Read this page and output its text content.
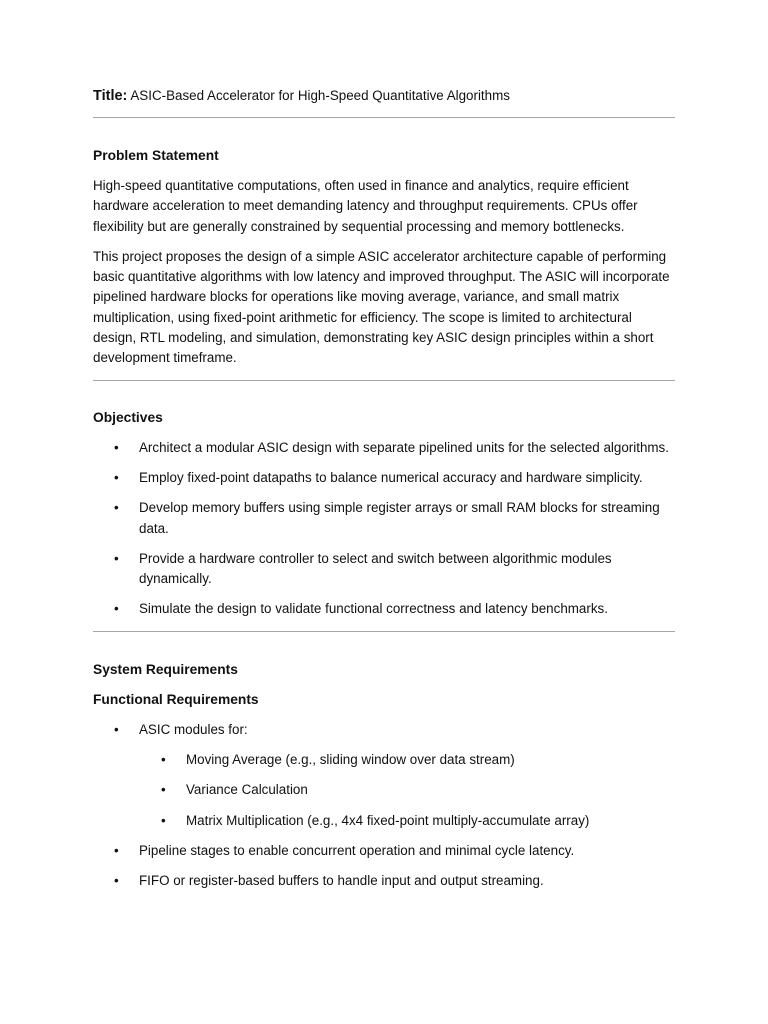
Title: ASIC-Based Accelerator for High-Speed Quantitative Algorithms

Problem Statement

High-speed quantitative computations, often used in finance and analytics, require efficient hardware acceleration to meet demanding latency and throughput requirements. CPUs offer flexibility but are generally constrained by sequential processing and memory bottlenecks.

This project proposes the design of a simple ASIC accelerator architecture capable of performing basic quantitative algorithms with low latency and improved throughput. The ASIC will incorporate pipelined hardware blocks for operations like moving average, variance, and small matrix multiplication, using fixed-point arithmetic for efficiency. The scope is limited to architectural design, RTL modeling, and simulation, demonstrating key ASIC design principles within a short development timeframe.

Objectives
• Architect a modular ASIC design with separate pipelined units for the selected algorithms.
• Employ fixed-point datapaths to balance numerical accuracy and hardware simplicity.
• Develop memory buffers using simple register arrays or small RAM blocks for streaming data.
• Provide a hardware controller to select and switch between algorithmic modules dynamically.
• Simulate the design to validate functional correctness and latency benchmarks.
System Requirements
Functional Requirements
• ASIC modules for:
• Moving Average (e.g., sliding window over data stream)
• Variance Calculation
• Matrix Multiplication (e.g., 4x4 fixed-point multiply-accumulate array)
• Pipeline stages to enable concurrent operation and minimal cycle latency.
• FIFO or register-based buffers to handle input and output streaming.
